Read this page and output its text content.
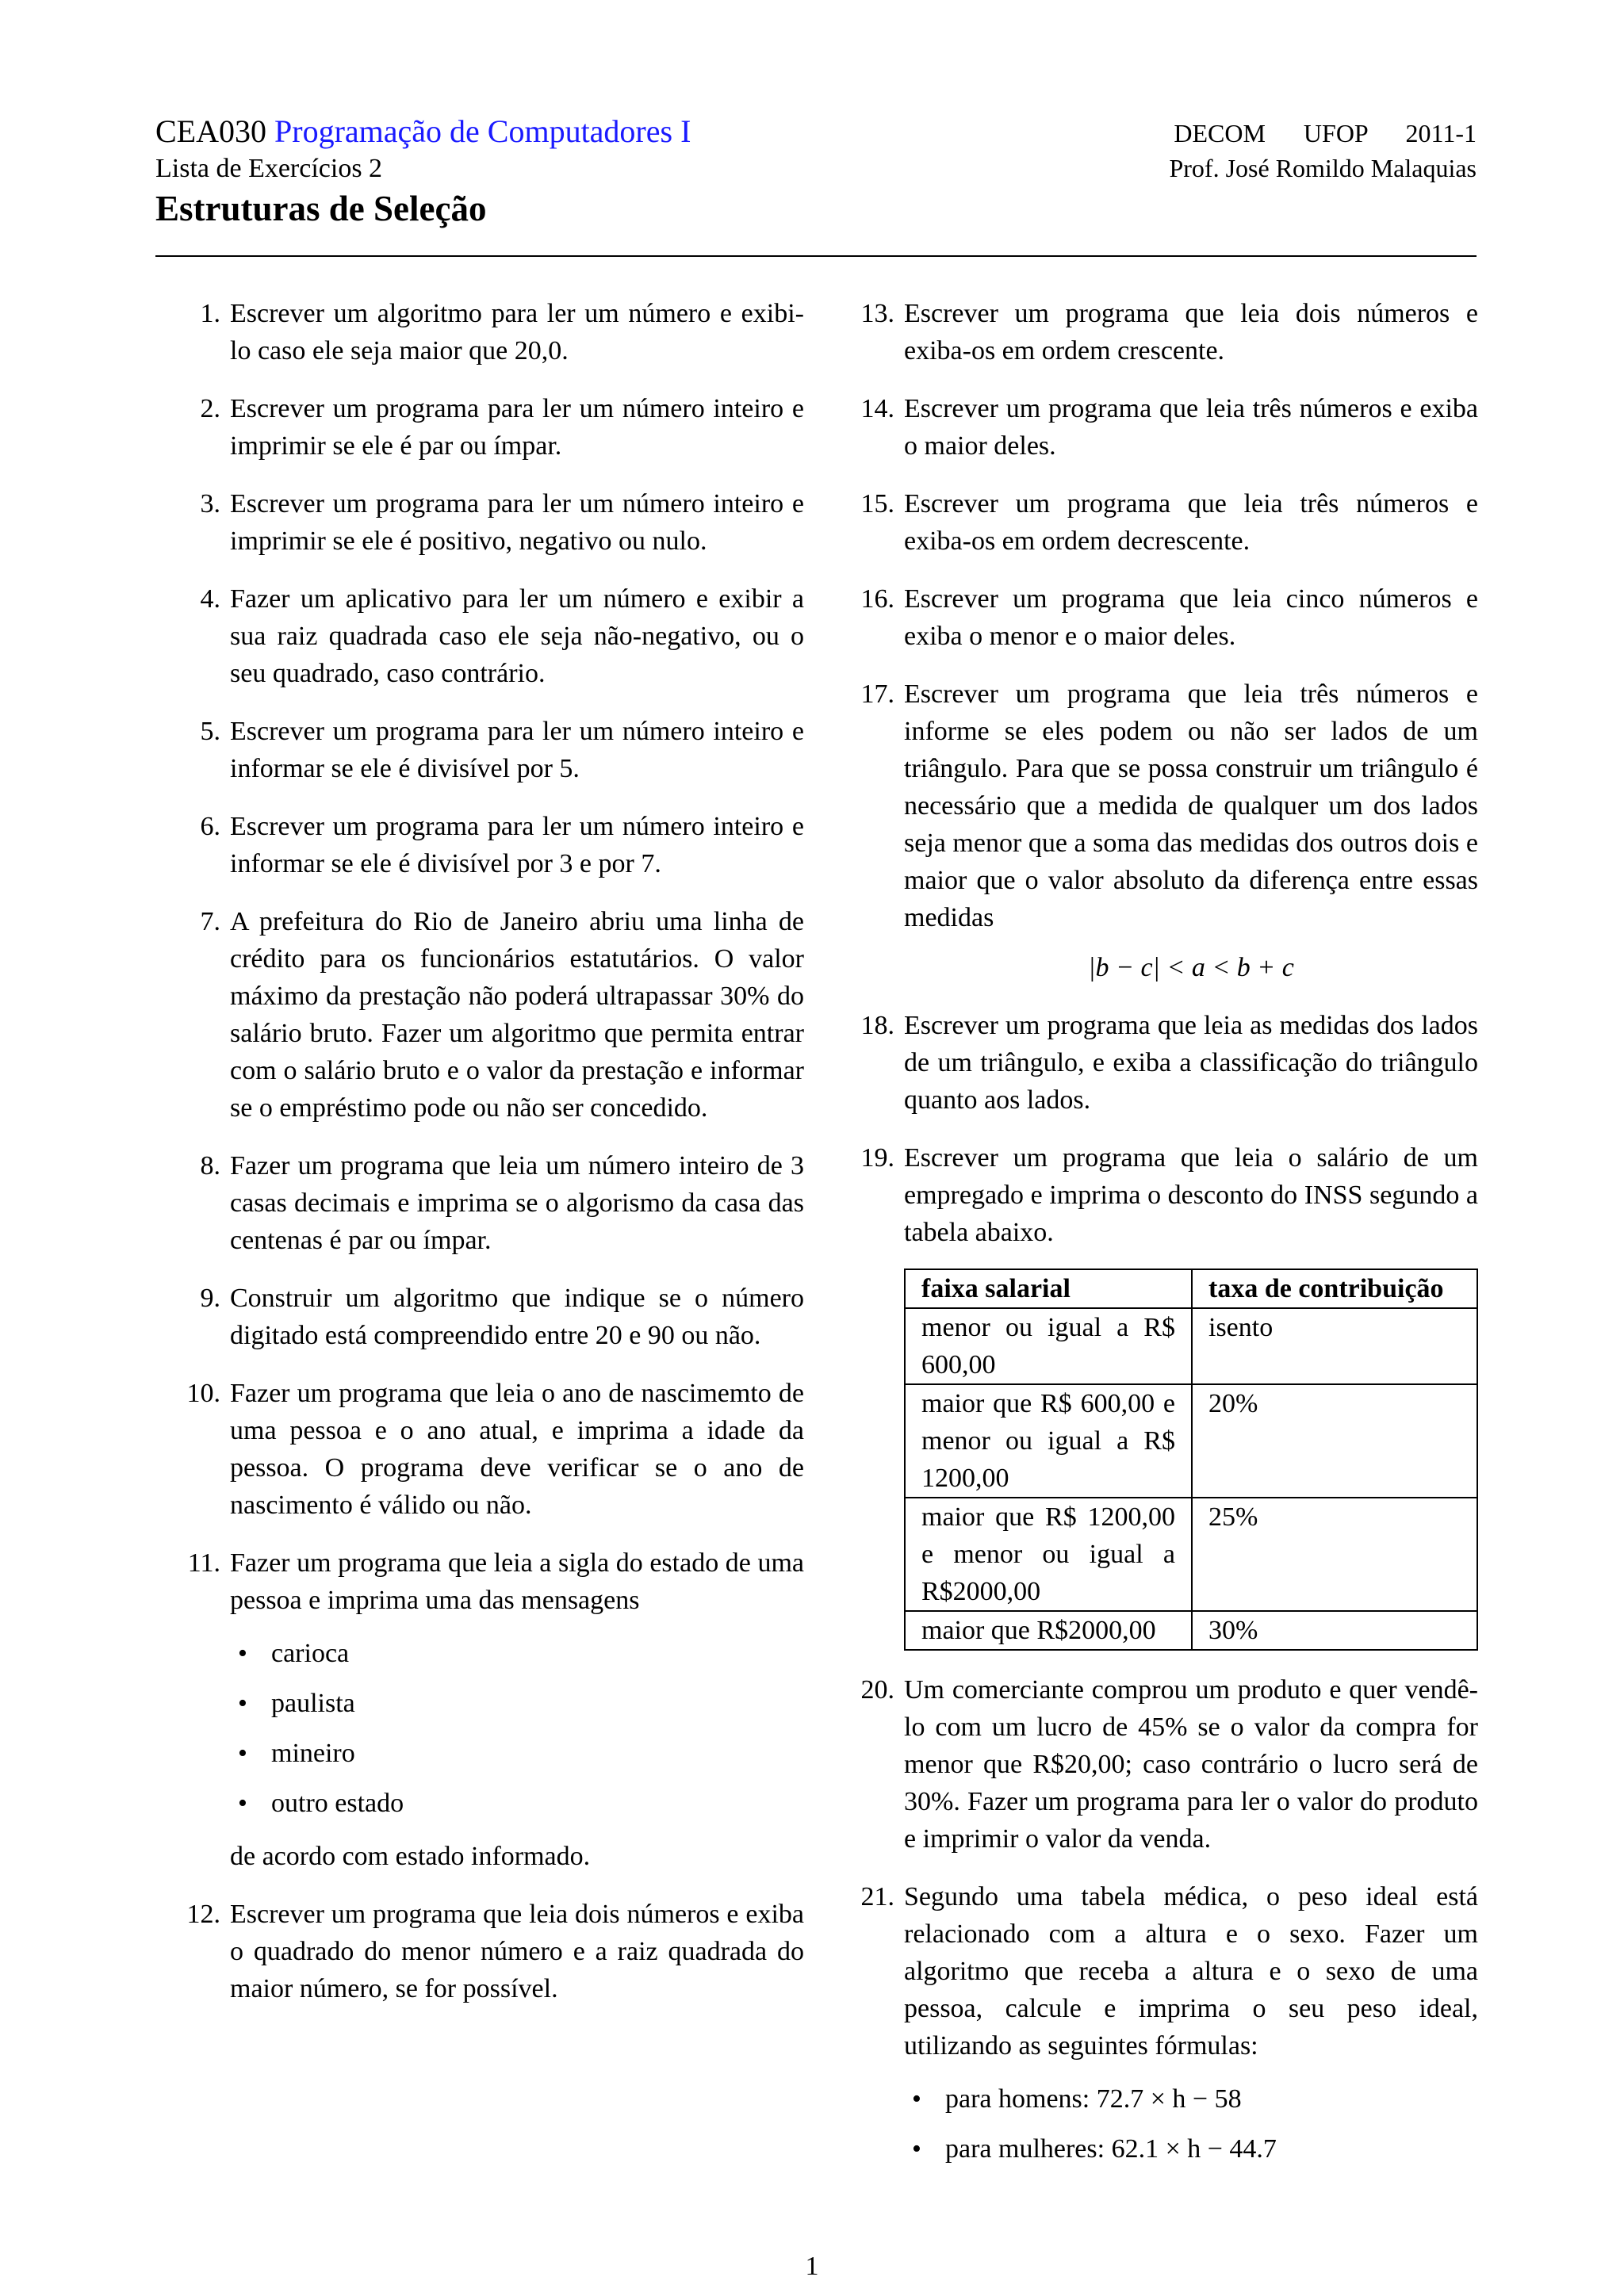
CEA030 Programação de Computadores I	DECOM UFOP 2011-1
Lista de Exercícios 2	Prof. José Romildo Malaquias
Estruturas de Seleção
1. Escrever um algoritmo para ler um número e exibi-lo caso ele seja maior que 20,0.
2. Escrever um programa para ler um número inteiro e imprimir se ele é par ou ímpar.
3. Escrever um programa para ler um número inteiro e imprimir se ele é positivo, negativo ou nulo.
4. Fazer um aplicativo para ler um número e exibir a sua raiz quadrada caso ele seja não-negativo, ou o seu quadrado, caso contrário.
5. Escrever um programa para ler um número inteiro e informar se ele é divisível por 5.
6. Escrever um programa para ler um número inteiro e informar se ele é divisível por 3 e por 7.
7. A prefeitura do Rio de Janeiro abriu uma linha de crédito para os funcionários estatutários. O valor máximo da prestação não poderá ultrapassar 30% do salário bruto. Fazer um algoritmo que permita entrar com o salário bruto e o valor da prestação e informar se o empréstimo pode ou não ser concedido.
8. Fazer um programa que leia um número inteiro de 3 casas decimais e imprima se o algorismo da casa das centenas é par ou ímpar.
9. Construir um algoritmo que indique se o número digitado está compreendido entre 20 e 90 ou não.
10. Fazer um programa que leia o ano de nascimemto de uma pessoa e o ano atual, e imprima a idade da pessoa. O programa deve verificar se o ano de nascimento é válido ou não.
11. Fazer um programa que leia a sigla do estado de uma pessoa e imprima uma das mensagens
• carioca
• paulista
• mineiro
• outro estado
de acordo com estado informado.
12. Escrever um programa que leia dois números e exiba o quadrado do menor número e a raiz quadrada do maior número, se for possível.
13. Escrever um programa que leia dois números e exiba-os em ordem crescente.
14. Escrever um programa que leia três números e exiba o maior deles.
15. Escrever um programa que leia três números e exiba-os em ordem decrescente.
16. Escrever um programa que leia cinco números e exiba o menor e o maior deles.
17. Escrever um programa que leia três números e informe se eles podem ou não ser lados de um triângulo. Para que se possa construir um triângulo é necessário que a medida de qualquer um dos lados seja menor que a soma das medidas dos outros dois e maior que o valor absoluto da diferença entre essas medidas
|b − c| < a < b + c
18. Escrever um programa que leia as medidas dos lados de um triângulo, e exiba a classificação do triângulo quanto aos lados.
19. Escrever um programa que leia o salário de um empregado e imprima o desconto do INSS segundo a tabela abaixo.
faixa salarial	taxa de contribuição
menor ou igual a R$ 600,00	isento
maior que R$ 600,00 e menor ou igual a R$ 1200,00	20%
maior que R$ 1200,00 e menor ou igual a R$2000,00	25%
maior que R$2000,00	30%
20. Um comerciante comprou um produto e quer vendê-lo com um lucro de 45% se o valor da compra for menor que R$20,00; caso contrário o lucro será de 30%. Fazer um programa para ler o valor do produto e imprimir o valor da venda.
21. Segundo uma tabela médica, o peso ideal está relacionado com a altura e o sexo. Fazer um algoritmo que receba a altura e o sexo de uma pessoa, calcule e imprima o seu peso ideal, utilizando as seguintes fórmulas:
• para homens: 72.7 × h − 58
• para mulheres: 62.1 × h − 44.7
1
